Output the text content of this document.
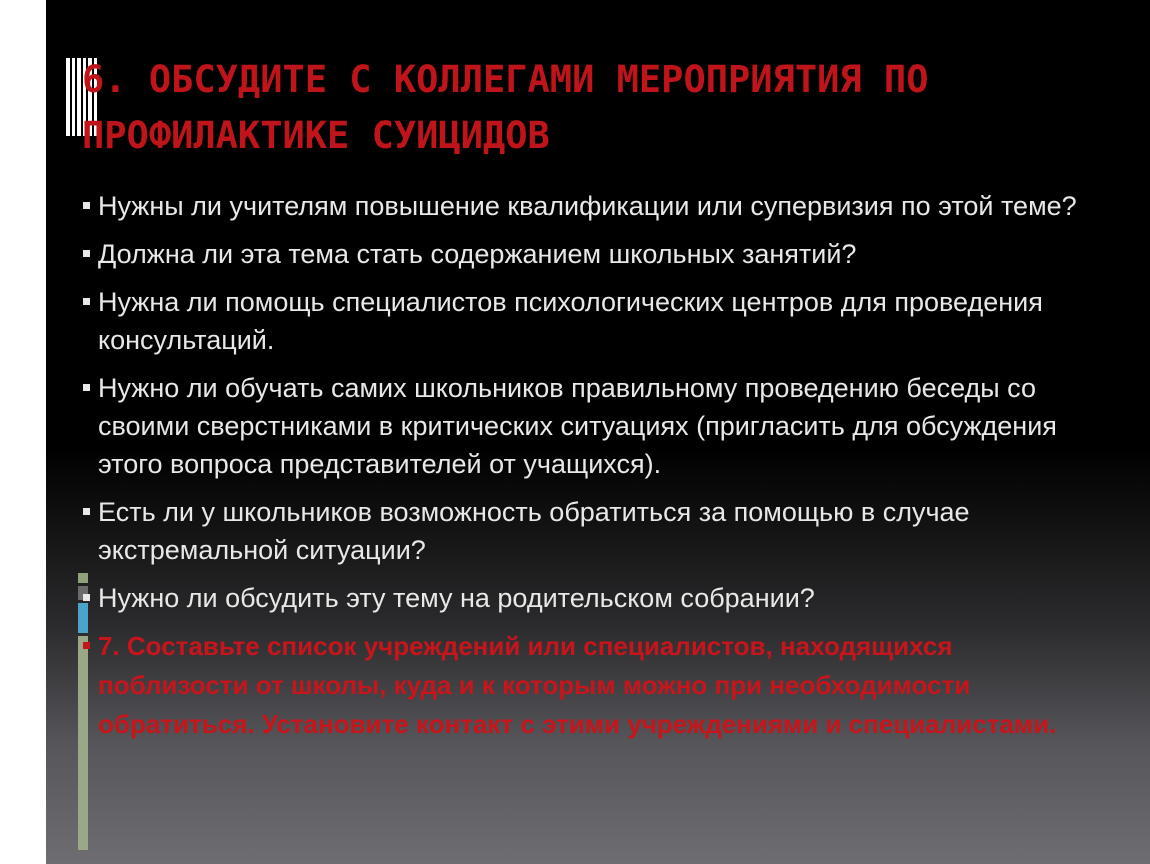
6. ОБСУДИТЕ С КОЛЛЕГАМИ МЕРОПРИЯТИЯ ПО ПРОФИЛАКТИКЕ СУИЦИДОВ
Нужны ли учителям повышение квалификации или супервизия по этой теме?
Должна ли эта тема стать содержанием школьных занятий?
Нужна ли помощь специалистов психологических центров для проведения консультаций.
Нужно ли обучать самих школьников правильному проведению беседы со своими сверстниками в критических ситуациях (пригласить для обсуждения этого вопроса представителей от учащихся).
Есть ли у школьников возможность обратиться за помощью в случае экстремальной ситуации?
Нужно ли обсудить эту тему на родительском собрании?
7. Составьте список учреждений или специалистов, находящихся поблизости от школы, куда и к которым можно при необходимости обратиться. Установите контакт с этими учреждениями и специалистами.
